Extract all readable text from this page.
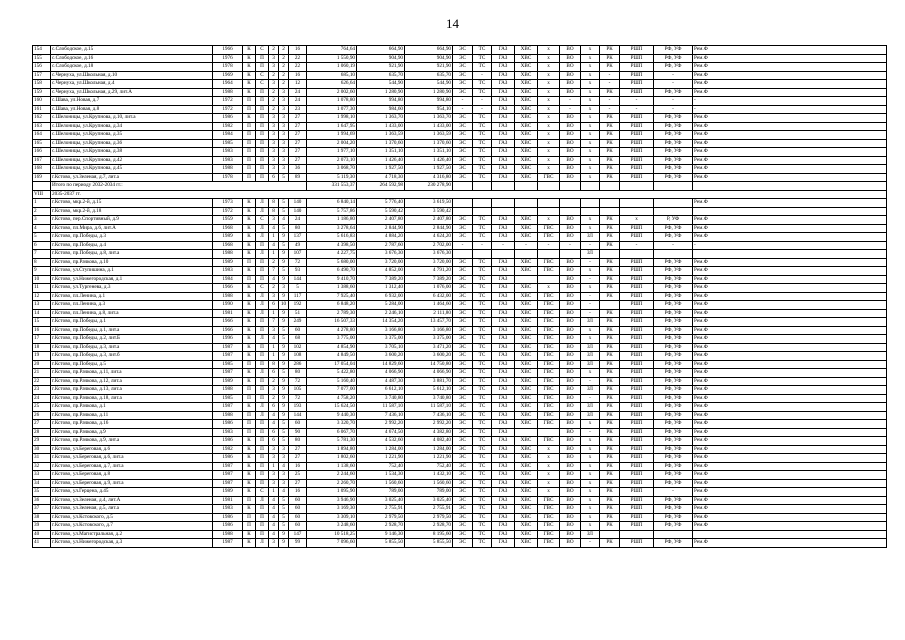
14
154	с.Слободское, д.15	1966	К	С	2	2	16	764,64	664,90	664,90	ЭС	ТС	ГАЗ	ХВС	х	ВО	х	РК	РШП	РФ, УФ	Рем.Ф
155	с.Слободское, д.16	1976	К	П	3	2	22	1 550,90	904,90	904,90	ЭС	ТС	ГАЗ	ХВС	х	ВО	х	РК	РШП	РФ, УФ	Рем.Ф
156	с.Слободское, д.18	1978	К	П	3	2	22	1 060,19	921,90	921,90	ЭС	ТС	ГАЗ	ХВС	х	ВО	х	РК	РШП	РФ, УФ	Рем.Ф
157	с.Чернуха, ул.Школьная, д.10	1969	К	С	2	2	16	685,10	635,70	635,70	ЭС	-	ГАЗ	ХВС	х	ВО	х	-	РШП	-	Рем.Ф
158	с.Чернуха, ул.Школьная, д.4	1964	К	С	3	2	12	626,64	544,90	544,90	ЭС	ТС	ГАЗ	ХВС	х	ВО	х	-	РШП	-	Рем.Ф
159	с.Чернуха, ул.Школьная, д.29, лит.А	1988	К	П	2	3	24	2 002,60	1 280,90	1 280,90	ЭС	ТС	ГАЗ	ХВС	х	ВО	х	РК	РШП	РФ, УФ	Рем.Ф
160	с.Шава, ул.Новая, д.7	1972	П	П	2	3	24	1 078,80	994,80	994,80	-	-	ГАЗ	ХВС	х	-	х	-	-	-	-
161	с.Шава, ул.Новая, д.8	1972	П	П	2	3	23	1 077,30	984,60	954,10	-	-	ГАЗ	ХВС	х	-	х	-	-	-	-
162	с.Шелоницы, ул.Крупнова, д.10, лит.а	1986	К	П	3	3	27	1 998,10	1 363,70	1 363,70	ЭС	ТС	ГАЗ	ХВС	х	ВО	х	РК	РШП	РФ, УФ	Рем.Ф
163	с.Шелоницы, ул.Крупнова, д.34	1982	П	П	3	3	27	1 647,95	1 433,00	1 433,00	ЭС	ТС	ГАЗ	ХВС	х	ВО	х	РК	РШП	РФ, УФ	Рем.Ф
164	с.Шелоницы, ул.Крупнова, д.35	1984	П	П	3	3	27	1 994,69	1 363,59	1 363,59	ЭС	ТС	ГАЗ	ХВС	х	ВО	х	РК	РШП	РФ, УФ	Рем.Ф
165	с.Шелоницы, ул.Крупнова, д.36	1985	П	П	3	3	27	2 004,20	1 370,60	1 370,60	ЭС	ТС	ГАЗ	ХВС	х	ВО	х	РК	РШП	РФ, УФ	Рем.Ф
166	с.Шелоницы, ул.Крупнова, д.38	1983	П	П	3	3	27	1 977,10	1 351,10	1 351,10	ЭС	ТС	ГАЗ	ХВС	х	ВО	х	РК	РШП	РФ, УФ	Рем.Ф
167	с.Шелоницы, ул.Крупнова, д.42	1983	П	П	3	3	27	2 073,10	1 426,40	1 426,40	ЭС	ТС	ГАЗ	ХВС	х	ВО	х	РК	РШП	РФ, УФ	Рем.Ф
168	с.Шелоницы, ул.Крупнова, д.45	1988	П	П	3	3	36	3 068,70	1 927,50	1 927,50	ЭС	ТС	ГАЗ	ХВС	х	ВО	х	РК	РШП	РФ, УФ	Рем.Ф
169	г.Кстово, ул.Зеленая, д.7, лит.а	1978	П	П	6	5	89	5 119,30	4 718,30	4 316,80	ЭС	ТС	ГАЗ	ХВС	ГВС	ВО	х	РК	РШП	РФ, УФ	Рем.Ф
	Итого по периоду 2032-2034 гг.:							331 553,37	264 592,98	230 278,90											
VIII	2035-2037 гг.																				
1	г.Кстово, мкр.2-й, д.15	1973	К	Л	8	5	140	6 840,14	5 776,40	3 619,50											Рем.Ф
2	г.Кстово, мкр.2-й, д.18	1972	К	Л	8	5	140	5 757,86	5 590,42	3 590,42											
3	г.Кстово, пер.Спортивный, д.9	1959	К	С	3	4	24	1 186,80	2 407,80	2 407,80	ЭС	ТС	ГАЗ	ХВС	х	ВО	х	РК	х	Р, УФ	Рем.Ф
4	г.Кстово, пл.Мира, д.6, лит.А	1968	К	Л	4	5	80	3 278,64	2 844,90	2 844,90	ЭС	ТС	ГАЗ	ХВС	ГВС	ВО	х	РК	РШП	РФ, УФ	Рем.Ф
5	г.Кстово, пр.Победы, д.3	1989	К	Л	1	9	137	5 616,83	4 884,20	4 624,20	ЭС	ТС	ГАЗ	ХВС	ГВС	ВО	ЗЛ	РК	РШП	РФ, УФ	Рем.Ф
6	г.Кстово, пр.Победы, д.4	1968	К	П	4	5	49	4 398,50	2 787,60	2 702,00	-	-	-	-	-	-	-	РК	-	-	-
7	г.Кстово, пр.Победы, д.8, лит.а	1988	К	Л	1	9	107	4 227,75	3 676,30	3 676,30							ЗЛ				
8	г.Кстово, пр.Рачкова, д.10	1989	П	П	2	9	72	5 680,00	3 720,00	3 720,00	ЭС	ТС	ГАЗ	ХВС	ГВС	ВО	-	РК	РШП	РФ, УФ	Рем.Ф
9	г.Кстово, ул.Ступишина, д.1	1983	К	П	7	5	93	6 490,70	4 852,00	4 791,20	ЭС	ТС	ГАЗ	ХВС	ГВС	ВО	х	РК	РШП	РФ, УФ	Рем.Ф
10	г.Кстово, ул.Нижегородская, д.1	1984	П	П	4	9	144	9 410,70	7 389,20	7 389,20	ЭС	ТС	ГАЗ			ВО	-	РК	РШП	РФ, УФ	Рем.Ф
11	г.Кстово, ул.Тургенева, д.3	1966	К	С	2	3	5	1 388,60	1 312,40	1 076,00	ЭС	ТС	ГАЗ	ХВС	х	ВО	х	РК	РШП	РФ, УФ	Рем.Ф
12	г.Кстово, пл.Ленина, д.1	1988	К	Л	3	9	117	7 925,40	6 932,00	6 432,00	ЭС	ТС	ГАЗ	ХВС	ГВС	ВО	-	РК	РШП	РФ, УФ	Рем.Ф
13	г.Кстово, пл.Ленина, д.3	1990	К	Л	6	10	192	6 848,20	5 284,00	1 464,60	ЭС	ТС	ГАЗ	ХВС	ГВС	ВО	-		РШП	РФ, УФ	Рем.Ф
14	г.Кстово, пл.Ленина, д.8, лит.а	1981	К	Л	1	9	51	2 789,30	2 246,10	2 111,80	ЭС	ТС	ГАЗ	ХВС	ГВС	ВО	-	РК	РШП	РФ, УФ	Рем.Ф
15	г.Кстово, пр.Победы, д.1	1966	К	П	7	9	249	16 507,33	14 354,20	13 457,70	ЭС	ТС	ГАЗ	ХВС	ГВС	ВО	ЗЛ	РК	РШП	РФ, УФ	Рем.Ф
16	г.Кстово, пр.Победы, д.1, лит.а	1966	К	П	3	5	60	4 278,80	3 166,80	3 166,80	ЭС	ТС	ГАЗ	ХВС	ГВС	ВО	х	РК	РШП	РФ, УФ	Рем.Ф
17	г.Кстово, пр.Победы, д.2, лит.Б	1996	К	Л	4	5	68	3 775,00	3 375,00	3 375,00	ЭС	ТС	ГАЗ	ХВС	ГВС	ВО	х	РК	РШП	РФ, УФ	Рем.Ф
18	г.Кстово, пр.Победы, д.3, лит.а	1987	К	П	1	9	102	4 854,90	3 705,10	3 471,20	ЭС	ТС	ГАЗ	ХВС	ГВС	ВО	ЗЛ	РК	РШП	РФ, УФ	Рем.Ф
19	г.Кстово, пр.Победы, д.3, лит.б	1987	К	П	1	9	108	4 849,50	3 600,20	3 600,20	ЭС	ТС	ГАЗ	ХВС	ГВС	ВО	ЗЛ	РК	РШП	РФ, УФ	Рем.Ф
20	г.Кстово, пр.Победы, д.5	1985	П	П	8	9	286	17 054,04	14 829,60	14 750,80	ЭС	ТС	ГАЗ	ХВС	ГВС	ВО	ЗЛ	РК	РШП	РФ, УФ	Рем.Ф
21	г.Кстово, пр.Рачкова, д.11, лит.а	1987	К	Л	6	5	80	5 422,80	4 066,90	4 066,90	ЭС	ТС	ГАЗ	ХВС	ГВС	ВО	х	РК	РШП	РФ, УФ	Рем.Ф
22	г.Кстово, пр.Рачкова, д.12, лит.а	1989	К	П	2	9	72	5 160,40	4 487,30	3 881,70	ЭС	ТС	ГАЗ	ХВС	ГВС	ВО	-	РК	РШП	РФ, УФ	Рем.Ф
23	г.Кстово, пр.Рачкова, д.13, лит.а	1988	П	П	3	9	105	7 077,00	6 612,10	5 612,10	ЭС	ТС	ГАЗ	ХВС	ГВС	ВО	ЗЛ	РК	РШП	РФ, УФ	Рем.Ф
24	г.Кстово, пр.Рачкова, д.18, лит.а	1985	П	П	2	9	72	4 758,20	3 740,80	3 740,80	ЭС	ТС	ГАЗ	ХВС	ГВС	ВО	-	РК	РШП	РФ, УФ	Рем.Ф
25	г.Кстово, пр.Рачкова, д.1	1987	К	Л	6	9	193	15 624,50	11 587,10	11 587,10	ЭС	ТС	ГАЗ	ХВС	ГВС	ВО	ЗЛ	РК	РШП	РФ, УФ	Рем.Ф
26	г.Кстово, пр.Рачкова, д.11	1988	П	Л	4	9	144	9 440,30	7 436,10	7 436,10	ЭС	ТС	ГАЗ	ХВС	ГВС	ВО	ЗЛ	РК	РШП	РФ, УФ	Рем.Ф
27	г.Кстово, пр.Рачкова, д.16	1986	П	П	4	5	60	3 320,70	2 992,20	2 992,20	ЭС	ТС	ГАЗ	ХВС	ГВС	ВО	х	РК	РШП	РФ, УФ	Рем.Ф
28	г.Кстово, пр.Рачкова, д.9	1983	П	П	6	5	90	6 067,70	4 674,50	4 382,80	ЭС	ТС	ГАЗ			ВО	-	РК	РШП	РФ, УФ	Рем.Ф
29	г.Кстово, пр.Рачкова, д.9, лит.а	1986	К	П	6	5	80	5 781,30	4 532,60	4 082,40	ЭС	ТС	ГАЗ	ХВС	ГВС	ВО	х	РК	РШП	РФ, УФ	Рем.Ф
30	г.Кстово, ул.Береговая, д.6	1982	К	П	3	3	27	1 894,80	1 284,00	1 284,00	ЭС	ТС	ГАЗ	ХВС	х	ВО	х	РК	РШП	РФ, УФ	Рем.Ф
31	г.Кстово, ул.Береговая, д.6, лит.а	1986	К	П	3	3	27	1 802,60	1 221,90	1 221,90	ЭС	ТС	ГАЗ	ХВС	х	ВО	х	РК	РШП	РФ, УФ	Рем.Ф
32	г.Кстово, ул.Береговая, д.7, лит.а	1987	К	П	1	4	16	1 138,60	752,40	752,40	ЭС	ТС	ГАЗ	ХВС	х	ВО	х	РК	РШП	РФ, УФ	Рем.Ф
33	г.Кстово, ул.Береговая, д.8	1987	К	П	3	3	25	2 244,60	1 534,30	1 432,10	ЭС	ТС	ГАЗ	ХВС	х	ВО	х	РК	РШП	РФ, УФ	Рем.Ф
34	г.Кстово, ул.Береговая, д.9, лит.а	1987	К	П	3	3	27	2 260,70	1 560,60	1 560,60	ЭС	ТС	ГАЗ	ХВС	х	ВО	х	РК	РШП	РФ, УФ	Рем.Ф
35	г.Кстово, ул.Герцена, д.45	1989	К	С	1	4	16	1 095,90	789,00	789,00	ЭС	ТС	ГАЗ	ХВС	х	ВО	х	РК	РШП	-	Рем.Ф
36	г.Кстово, ул.Зеленая, д.4, лит.А	1981	П	Л	4	5	60	3 946,90	3 025,40	3 025,40	ЭС	ТС	ГАЗ	ХВС	ГВС	ВО	х	РК	РШП	РФ, УФ	Рем.Ф
37	г.Кстово, ул.Зеленая, д.5, лит.а	1983	К	П	4	5	60	3 169,30	2 755,91	2 755,91	ЭС	ТС	ГАЗ	ХВС	ГВС	ВО	х	РК	РШП	РФ, УФ	Рем.Ф
38	г.Кстово, ул.Кстовского, д.5	1986	П	П	4	5	60	3 309,10	2 979,50	2 979,50	ЭС	ТС	ГАЗ	ХВС	ГВС	ВО	х	РК	РШП	РФ, УФ	Рем.Ф
39	г.Кстово, ул.Кстовского, д.7	1986	П	П	4	5	60	3 248,60	2 928,70	2 928,70	ЭС	ТС	ГАЗ	ХВС	ГВС	ВО	х	РК	РШП	РФ, УФ	Рем.Ф
40	г.Кстово, ул.Магистральная, д.2	1988	К	П	4	9	147	10 518,25	9 146,30	8 195,60	ЭС	ТС	ГАЗ	ХВС	ГВС	ВО	ЗЛ				
41	г.Кстово, ул.Нижегородская, д.3	1987	К	Л	3	9	99	7 096,60	5 855,50	5 855,50	ЭС	ТС	ГАЗ	ХВС	ГВС	ВО	-	РК	РШП	РФ, УФ	Рем.Ф
